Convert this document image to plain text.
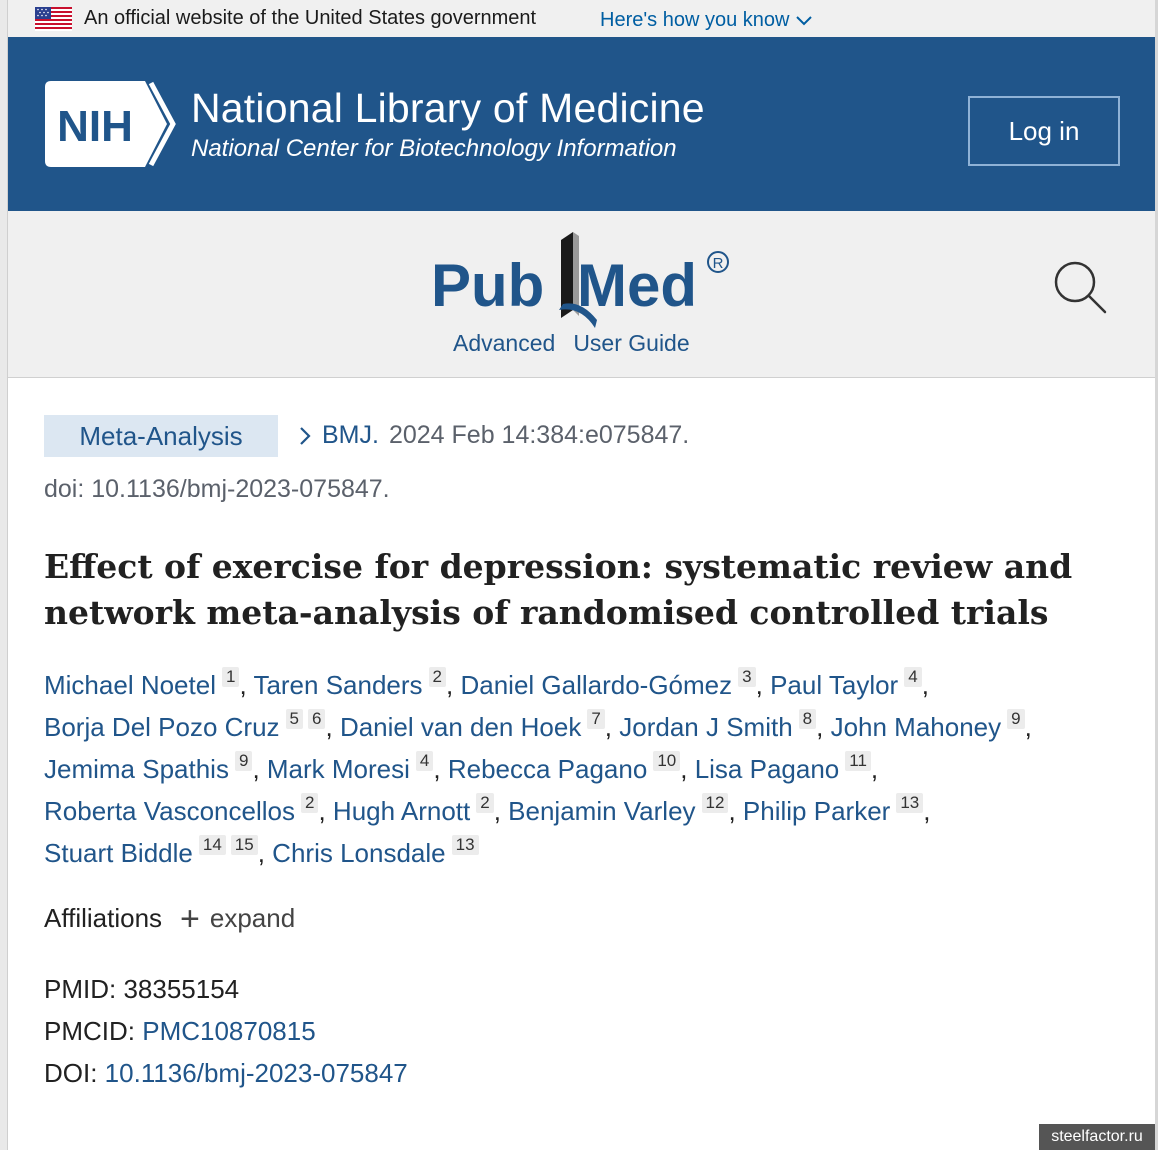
An official website of the United States government	Here's how you know
NIH National Library of Medicine
National Center for Biotechnology Information
Log in
Pub Med R
Advanced User Guide
Meta-Analysis	BMJ. 2024 Feb 14:384:e075847.
doi: 10.1136/bmj-2023-075847.
Effect of exercise for depression: systematic review and network meta-analysis of randomised controlled trials
Michael Noetel 1 , Taren Sanders 2 , Daniel Gallardo-Gómez 3 , Paul Taylor 4 , Borja Del Pozo Cruz 5 6 , Daniel van den Hoek 7 , Jordan J Smith 8 , John Mahoney 9 , Jemima Spathis 9 , Mark Moresi 4 , Rebecca Pagano 10 , Lisa Pagano 11 , Roberta Vasconcellos 2 , Hugh Arnott 2 , Benjamin Varley 12 , Philip Parker 13 , Stuart Biddle 14 15 , Chris Lonsdale 13
Affiliations + expand
PMID: 38355154
PMCID: PMC10870815
DOI: 10.1136/bmj-2023-075847
steelfactor.ru
